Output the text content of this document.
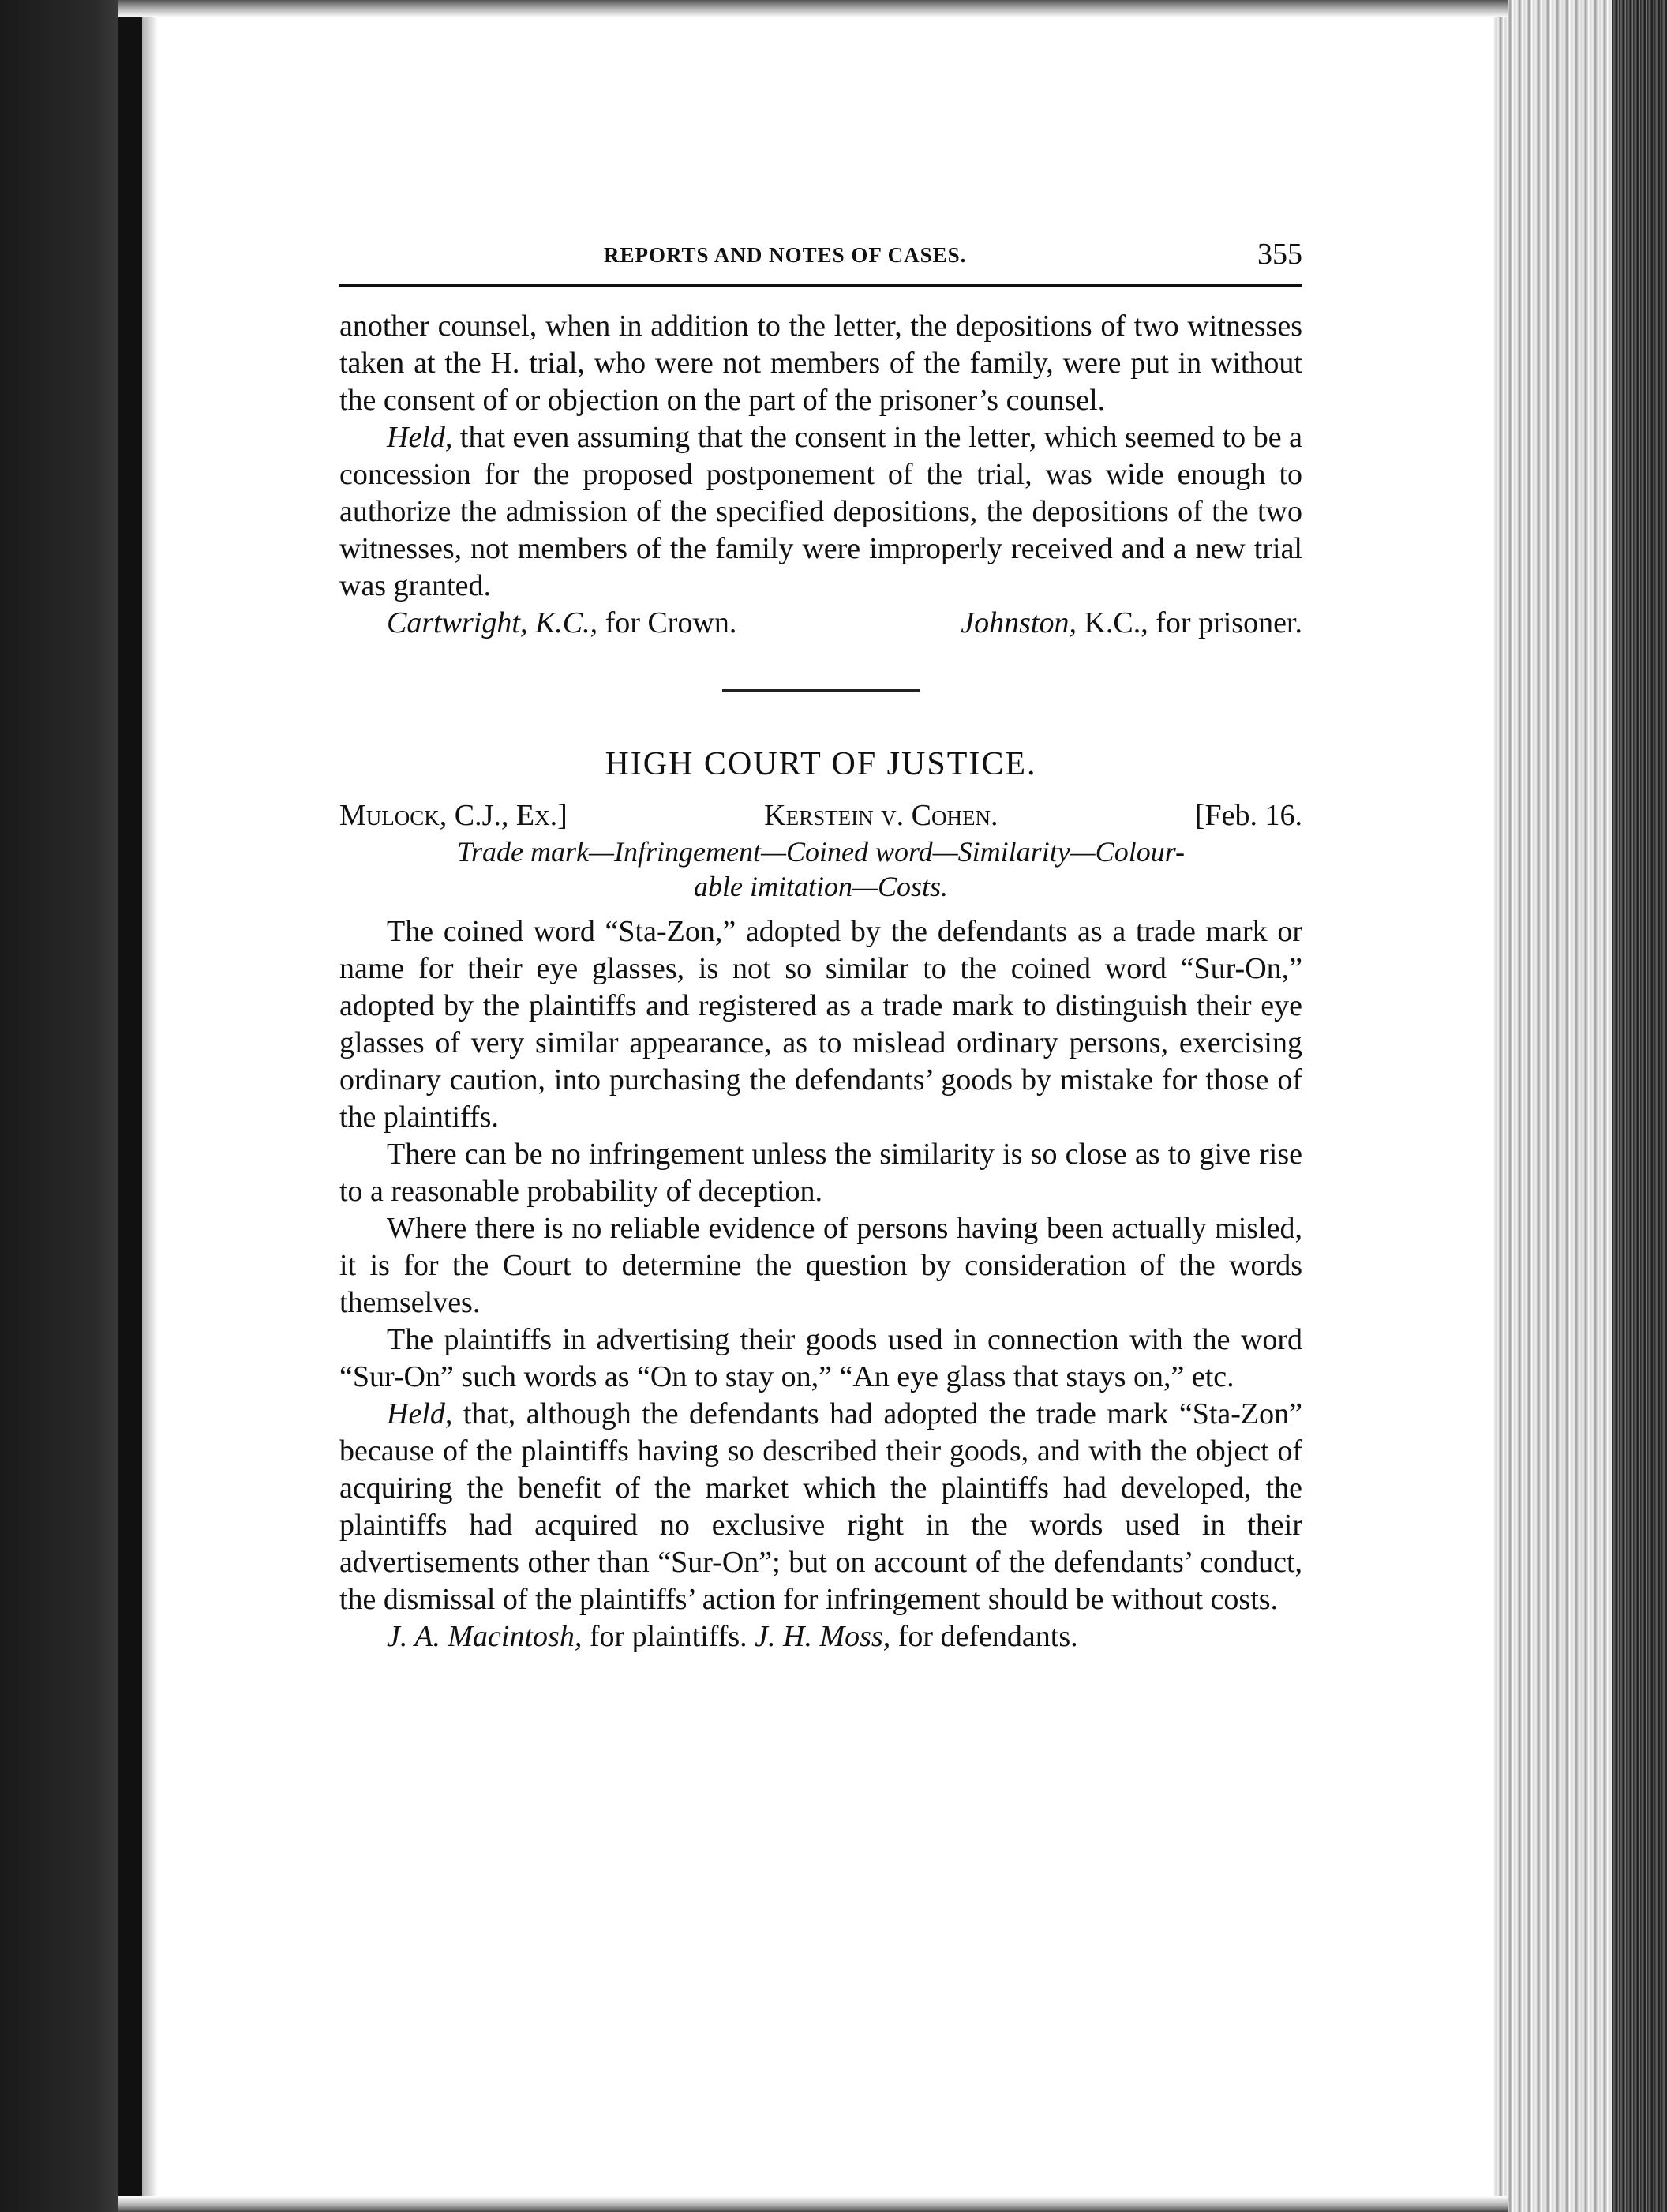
REPORTS AND NOTES OF CASES.	355

another counsel, when in addition to the letter, the depositions of two witnesses taken at the H. trial, who were not members of the family, were put in without the consent of or objection on the part of the prisoner’s counsel.

Held, that even assuming that the consent in the letter, which seemed to be a concession for the proposed postponement of the trial, was wide enough to authorize the admission of the specified depositions, the depositions of the two witnesses, not members of the family were improperly received and a new trial was granted.

Cartwright, K.C., for Crown.	Johnston, K.C., for prisoner.

HIGH COURT OF JUSTICE.
Mulock, C.J., Ex.]	Kerstein v. Cohen.	[Feb. 16.
Trade mark—Infringement—Coined word—Similarity—Colour-
able imitation—Costs.

The coined word “Sta-Zon,” adopted by the defendants as a trade mark or name for their eye glasses, is not so similar to the coined word “Sur-On,” adopted by the plaintiffs and registered as a trade mark to distinguish their eye glasses of very similar appearance, as to mislead ordinary persons, exercising ordinary caution, into purchasing the defendants’ goods by mistake for those of the plaintiffs.

There can be no infringement unless the similarity is so close as to give rise to a reasonable probability of deception.

Where there is no reliable evidence of persons having been actually misled, it is for the Court to determine the question by consideration of the words themselves.

The plaintiffs in advertising their goods used in connection with the word “Sur-On” such words as “On to stay on,” “An eye glass that stays on,” etc.

Held, that, although the defendants had adopted the trade mark “Sta-Zon” because of the plaintiffs having so described their goods, and with the object of acquiring the benefit of the market which the plaintiffs had developed, the plaintiffs had acquired no exclusive right in the words used in their advertisements other than “Sur-On”; but on account of the defendants’ conduct, the dismissal of the plaintiffs’ action for infringement should be without costs.

J. A. Macintosh, for plaintiffs. J. H. Moss, for defendants.
